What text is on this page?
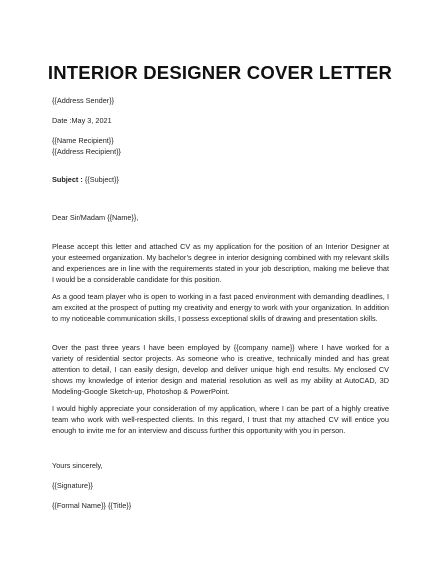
INTERIOR DESIGNER COVER LETTER
{{Address Sender}}
Date :May 3, 2021
{{Name Recipient}}
{{Address Recipient}}
Subject : {{Subject}}
Dear Sir/Madam {{Name}},
Please accept this letter and attached CV as my application for the position of an Interior Designer at your esteemed organization. My bachelor’s degree in interior designing combined with my relevant skills and experiences are in line with the requirements stated in your job description, making me believe that I would be a considerable candidate for this position.
As a good team player who is open to working in a fast paced environment with demanding deadlines, I am excited at the prospect of putting my creativity and energy to work with your organization. In addition to my noticeable communication skills, I possess exceptional skills of drawing and presentation skills.
Over the past three years I have been employed by {{company name}} where I have worked for a variety of residential sector projects. As someone who is creative, technically minded and has great attention to detail, I can easily design, develop and deliver unique high end results. My enclosed CV shows my knowledge of interior design and material resolution as well as my ability at AutoCAD, 3D Modeling-Google Sketch-up, Photoshop & PowerPoint.
I would highly appreciate your consideration of my application, where I can be part of a highly creative team who work with well-respected clients. In this regard, I trust that my attached CV will entice you enough to invite me for an interview and discuss further this opportunity with you in person.
Yours sincerely,
{{Signature}}
{{Formal Name}} {{Title}}
